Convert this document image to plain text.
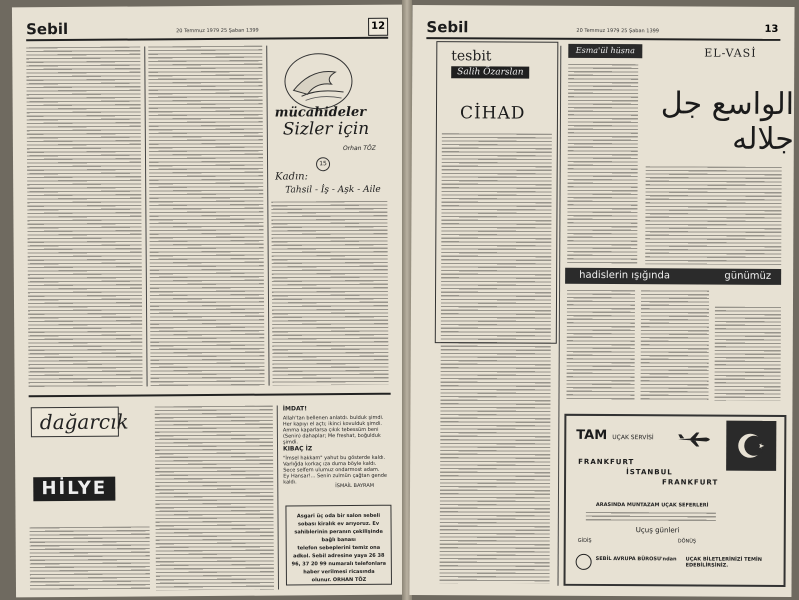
Sebil	20 Temmuz 1979 25 Şaban 1399	12
mücahideler
Sizler için
Orhan TÖZ
15
Kadın:
Tahsil - İş - Aşk - Aile
dağarcık
HİLYE
İMDAT!
Allah'tan bellenen anlatdı. bulduk şimdi.
Her kapıyı el açtı; ikinci kovulduk şimdi.
Amma kaparlarsa çıkık tebessüm beni
(Senin) dahaplar; Me freshat, boğulduk şimdi.
KIBAÇ İZ
"İmsel hakkam" yahut bu gösterde kaldı.
Varlığda korkaç ıza duma böyle kaldı.
Sece selfem ulumuz ondarmost adam.
Ey Hansar!... Senin zulmün çağtan gende kaldı.
İSMAİL BAYRAM
Asgari üç oda bir salon sebeli sobası kiralık ev arıyoruz. Ev sahiblerinin peranın çekilişinde bağlı banası
telefon sebeplerini temiz ona adkol. Sebil adresine yaya 26 38 96, 37 20 99 numaralı telefonlara haber verilmesi ricasında
olunur. ORHAN TÖZ
Sebil	20 Temmuz 1979 25 Şaban 1399	13
tesbit
Salih Özarslan
CİHAD
Esma'ül hüsna	EL-VASİ
الواسع جل جلاله
hadislerin ışığında	günümüz
TAM UÇAK SERVİSİ
FRANKFURT
İSTANBUL
FRANKFURT
ARASINDA MUNTAZAM UÇAK SEFERLERİ
Uçuş günleri
GİDİŞ	DÖNÜŞ
SEBİL AVRUPA BÜROSU'ndan UÇAK BİLETLERİNİZİ TEMİN
EDEBİLİRSİNİZ.
